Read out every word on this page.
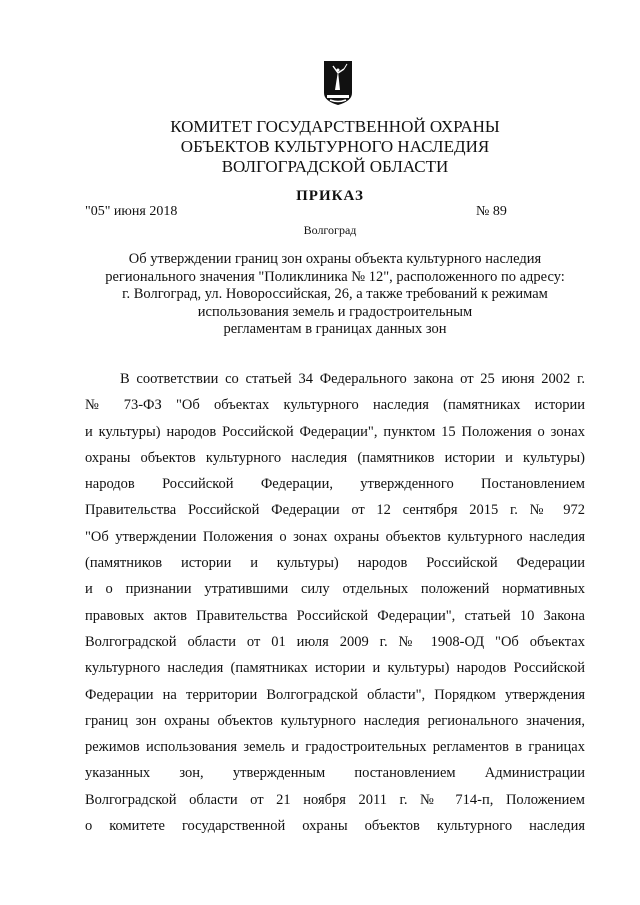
КОМИТЕТ ГОСУДАРСТВЕННОЙ ОХРАНЫ
ОБЪЕКТОВ КУЛЬТУРНОГО НАСЛЕДИЯ
ВОЛГОГРАДСКОЙ ОБЛАСТИ
ПРИКАЗ
"05" июня 2018	№ 89
Волгоград
Об утверждении границ зон охраны объекта культурного наследия
регионального значения "Поликлиника № 12", расположенного по адресу:
г. Волгоград, ул. Новороссийская, 26, а также требований к режимам
использования земель и градостроительным
регламентам в границах данных зон
В соответствии со статьей 34 Федерального закона от 25 июня 2002 г.
№ 73-ФЗ "Об объектах культурного наследия (памятниках истории
и культуры) народов Российской Федерации", пунктом 15 Положения о зонах
охраны объектов культурного наследия (памятников истории и культуры)
народов Российской Федерации, утвержденного Постановлением
Правительства Российской Федерации от 12 сентября 2015 г. № 972
"Об утверждении Положения о зонах охраны объектов культурного наследия
(памятников истории и культуры) народов Российской Федерации
и о признании утратившими силу отдельных положений нормативных
правовых актов Правительства Российской Федерации", статьей 10 Закона
Волгоградской области от 01 июля 2009 г. № 1908-ОД "Об объектах
культурного наследия (памятниках истории и культуры) народов Российской
Федерации на территории Волгоградской области", Порядком утверждения
границ зон охраны объектов культурного наследия регионального значения,
режимов использования земель и градостроительных регламентов в границах
указанных зон, утвержденным постановлением Администрации
Волгоградской области от 21 ноября 2011 г. № 714-п, Положением
о комитете государственной охраны объектов культурного наследия
